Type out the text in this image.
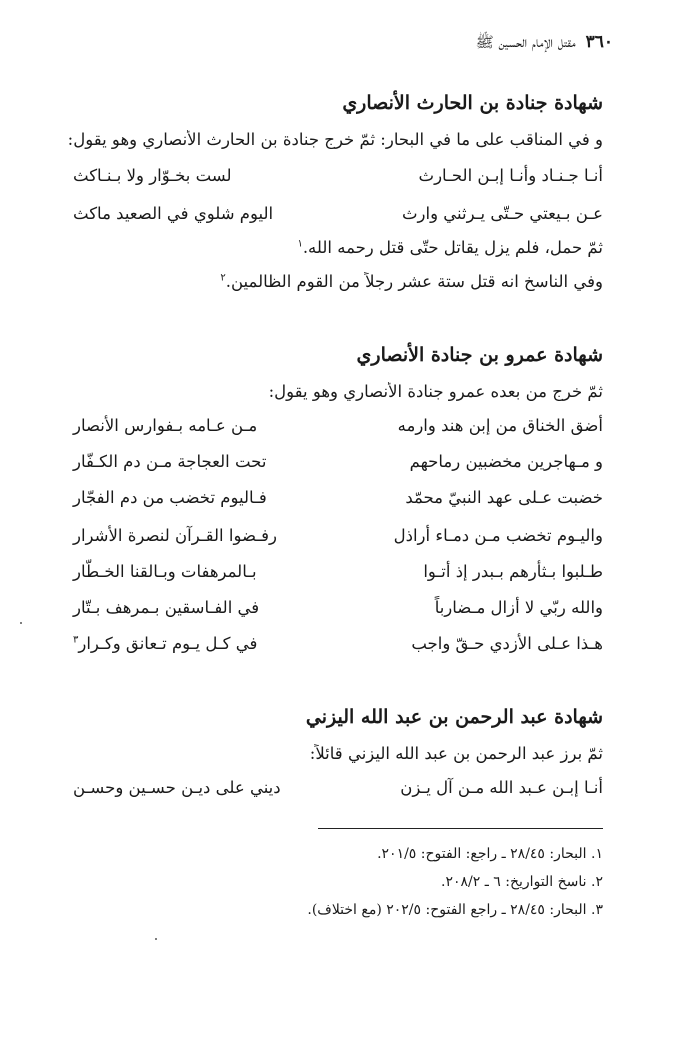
٣٦٠
مقتل الإمام الحسين ﷺ
شهادة جنادة بن الحارث الأنصاري
و في المناقب على ما في البحار: ثمّ خرج جنادة بن الحارث الأنصاري وهو يقول:
أنـا جـنـاد وأنـا إبـن الحـارث
لست بخـوّار ولا بـنـاكث
عـن بـيعتي حـتّى يـرثني وارث
اليوم شلوي في الصعيد ماكث
ثمّ حمل، فلم يزل يقاتل حتّى قتل رحمه الله.$^١$
وفي الناسخ انه قتل ستة عشر رجلاً من القوم الظالمين.$^٢$
شهادة عمرو بن جنادة الأنصاري
ثمّ خرج من بعده عمرو جنادة الأنصاري وهو يقول:
أضق الخناق من إبن هند وارمه
مـن عـامه بـفوارس الأنصار
و مـهاجرين مخضبين رماحهم
تحت العجاجة مـن دم الكـفّار
خضبت عـلى عهد النبيّ محمّد
فـاليوم تخضب من دم الفجّار
واليـوم تخضب مـن دمـاء أراذل
رفـضوا القـرآن لنصرة الأشرار
طـلبوا بـثأرهم بـبدر إذ أتـوا
بـالمرهفات وبـالقنا الخـطّار
والله ربّي لا أزال مـضارباً
في الفـاسقين بـمرهف بـتّار
هـذا عـلى الأزدي حـقّ واجب
في كـل يـوم تـعانق وكـرار$^٣$
شهادة عبد الرحمن بن عبد الله اليزني
ثمّ برز عبد الرحمن بن عبد الله اليزني قائلاً:
أنـا إبـن عـبد الله مـن آل يـزن
ديني على ديـن حسـين وحسـن
١. البحار: ٢٨/٤٥ ـ راجع: الفتوح: ٢٠١/٥.
٢. ناسخ التواريخ: ٦ ـ ٢٠٨/٢.
٣. البحار: ٢٨/٤٥ ـ راجع الفتوح: ٢٠٢/٥ (مع اختلاف).
